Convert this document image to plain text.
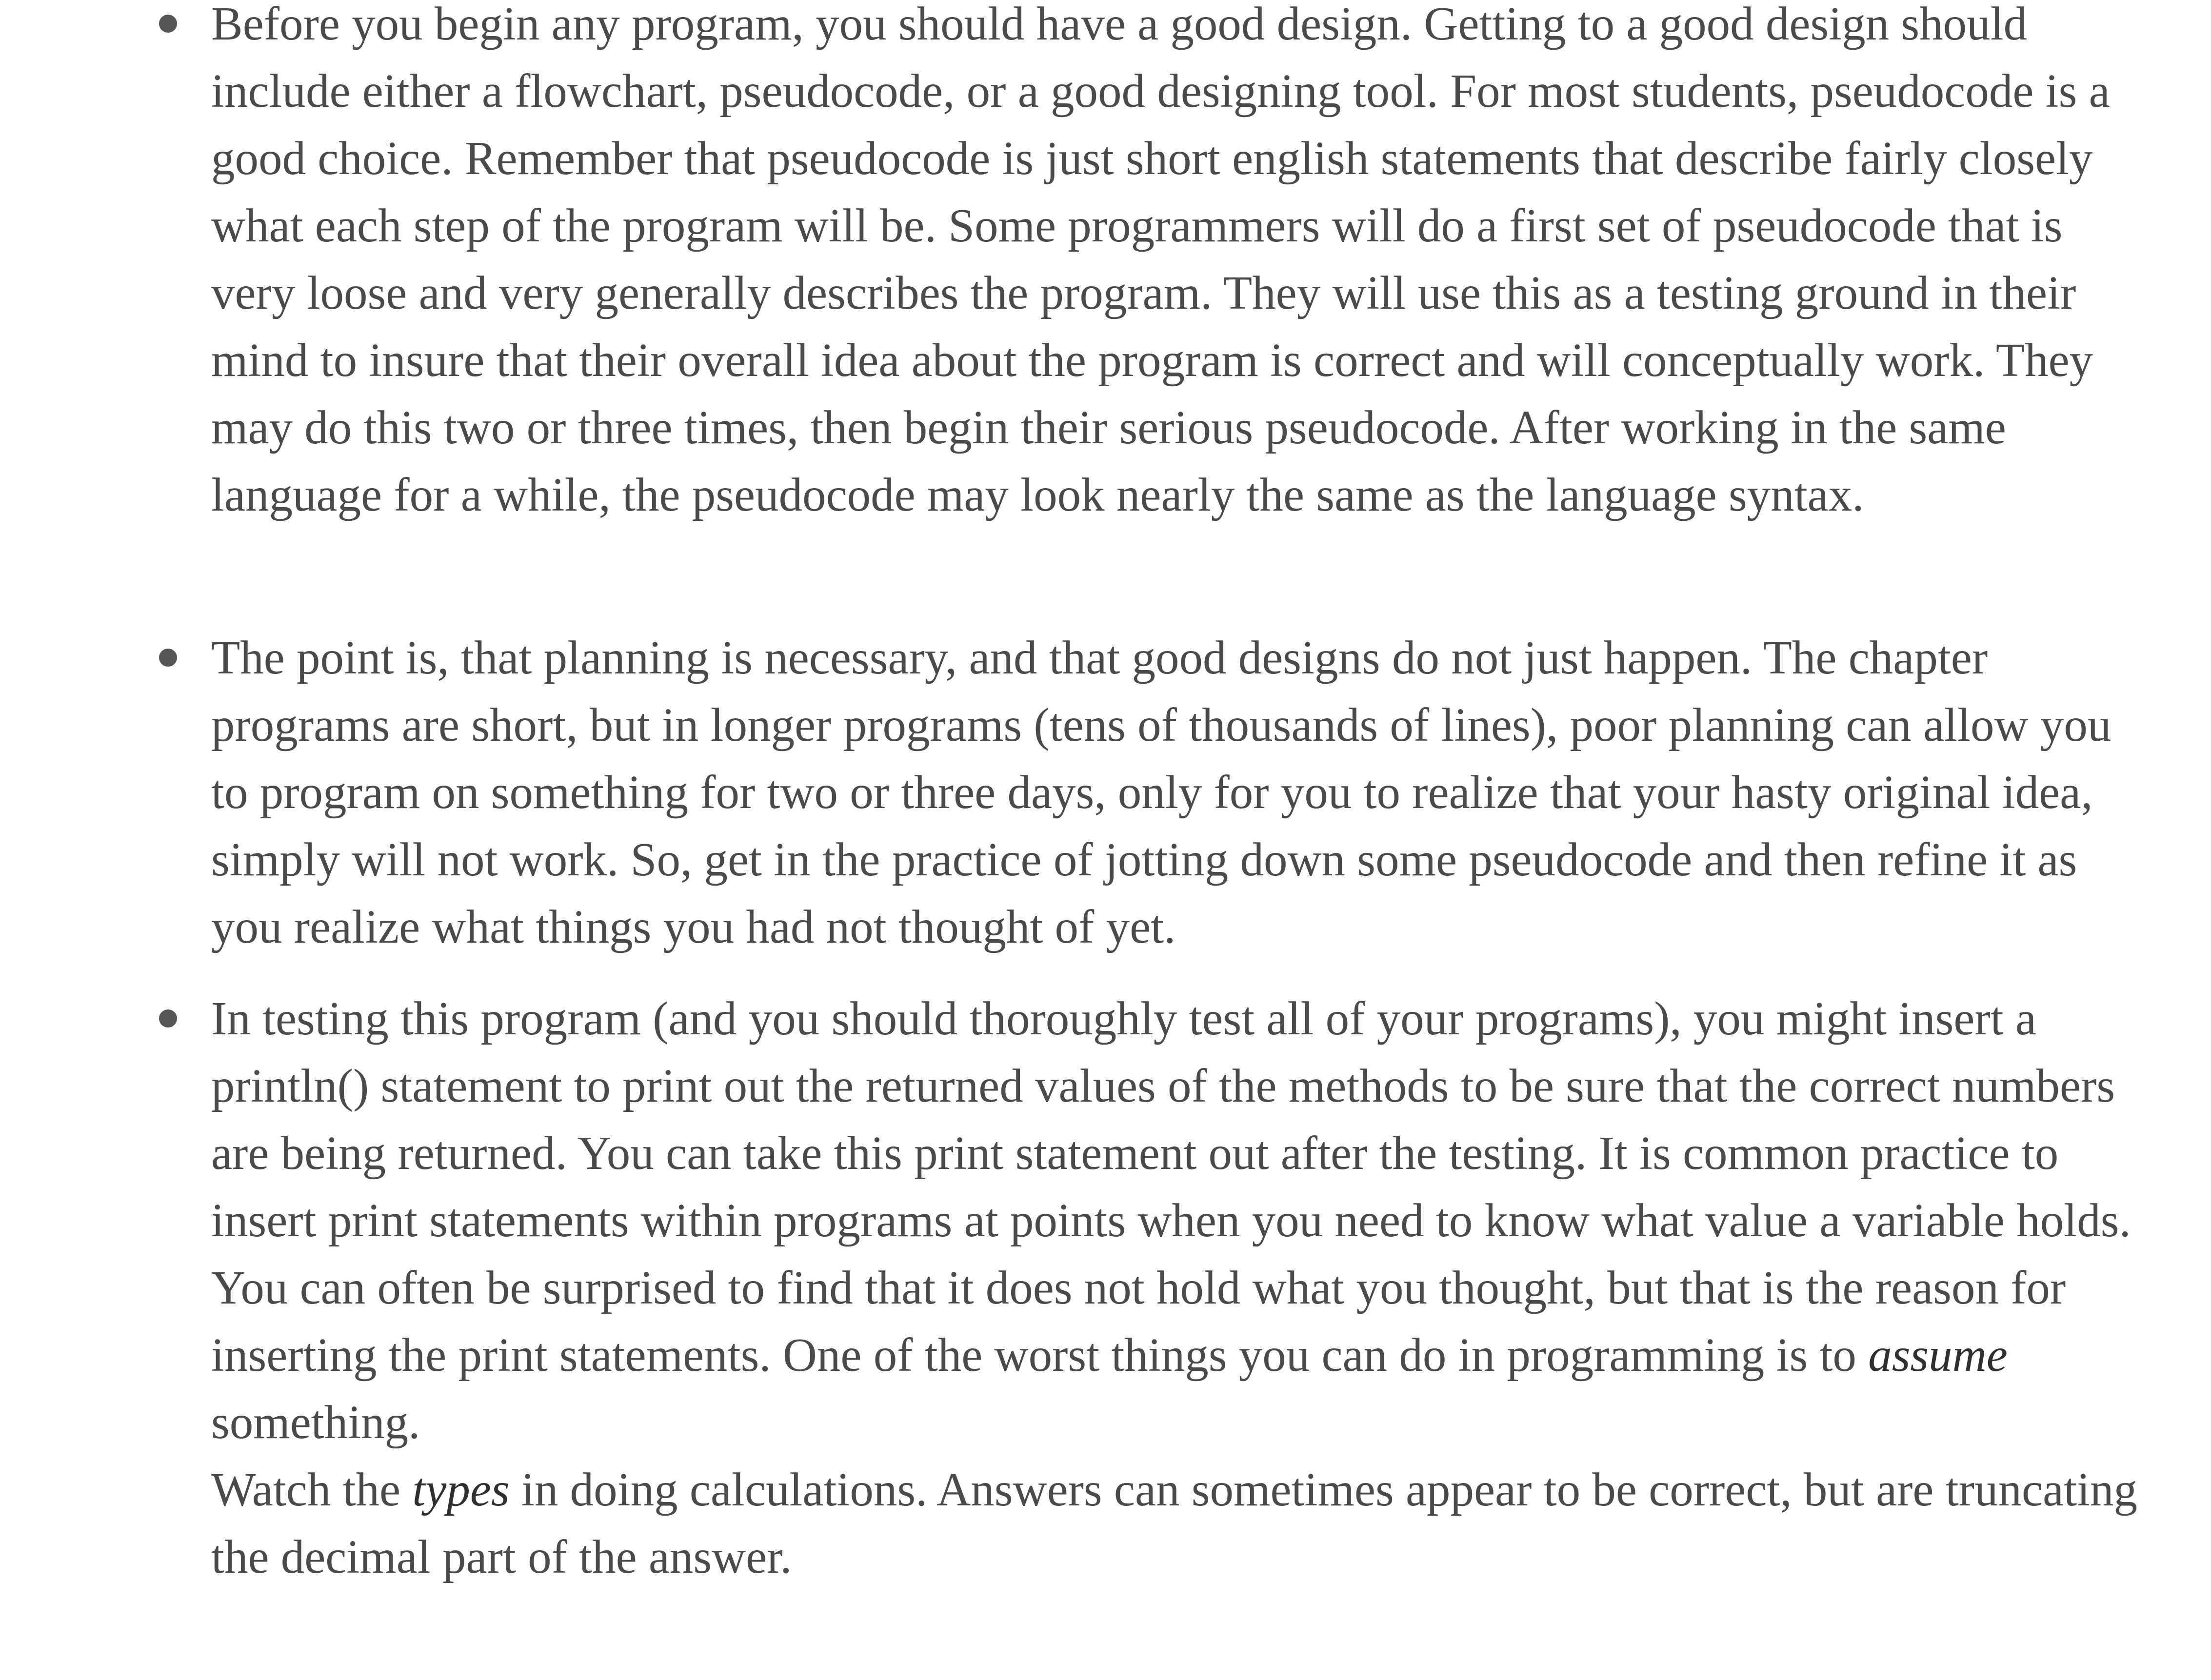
Before you begin any program, you should have a good design. Getting to a good design should include either a flowchart, pseudocode, or a good designing tool. For most students, pseudocode is a good choice. Remember that pseudocode is just short english statements that describe fairly closely what each step of the program will be. Some programmers will do a first set of pseudocode that is very loose and very generally describes the program. They will use this as a testing ground in their mind to insure that their overall idea about the program is correct and will conceptually work. They may do this two or three times, then begin their serious pseudocode. After working in the same language for a while, the pseudocode may look nearly the same as the language syntax.

The point is, that planning is necessary, and that good designs do not just happen. The chapter programs are short, but in longer programs (tens of thousands of lines), poor planning can allow you to program on something for two or three days, only for you to realize that your hasty original idea, simply will not work. So, get in the practice of jotting down some pseudocode and then refine it as you realize what things you had not thought of yet.

In testing this program (and you should thoroughly test all of your programs), you might insert a println() statement to print out the returned values of the methods to be sure that the correct numbers are being returned. You can take this print statement out after the testing. It is common practice to insert print statements within programs at points when you need to know what value a variable holds. You can often be surprised to find that it does not hold what you thought, but that is the reason for inserting the print statements. One of the worst things you can do in programming is to assume something.

Watch the types in doing calculations. Answers can sometimes appear to be correct, but are truncating the decimal part of the answer.
